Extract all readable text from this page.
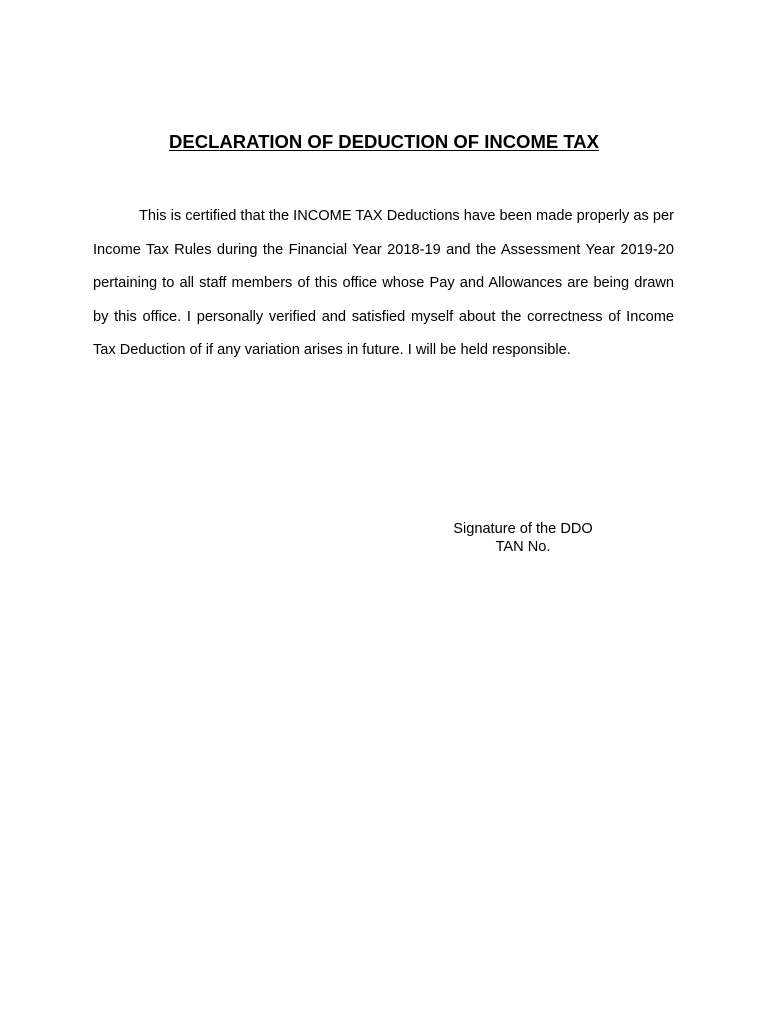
DECLARATION OF DEDUCTION OF INCOME TAX

This is certified that the INCOME TAX Deductions have been made properly as per Income Tax Rules during the Financial Year 2018-19 and the Assessment Year 2019-20 pertaining to all staff members of this office whose Pay and Allowances are being drawn by this office. I personally verified and satisfied myself about the correctness of Income Tax Deduction of if any variation arises in future. I will be held responsible.

Signature of the DDO
TAN No.
